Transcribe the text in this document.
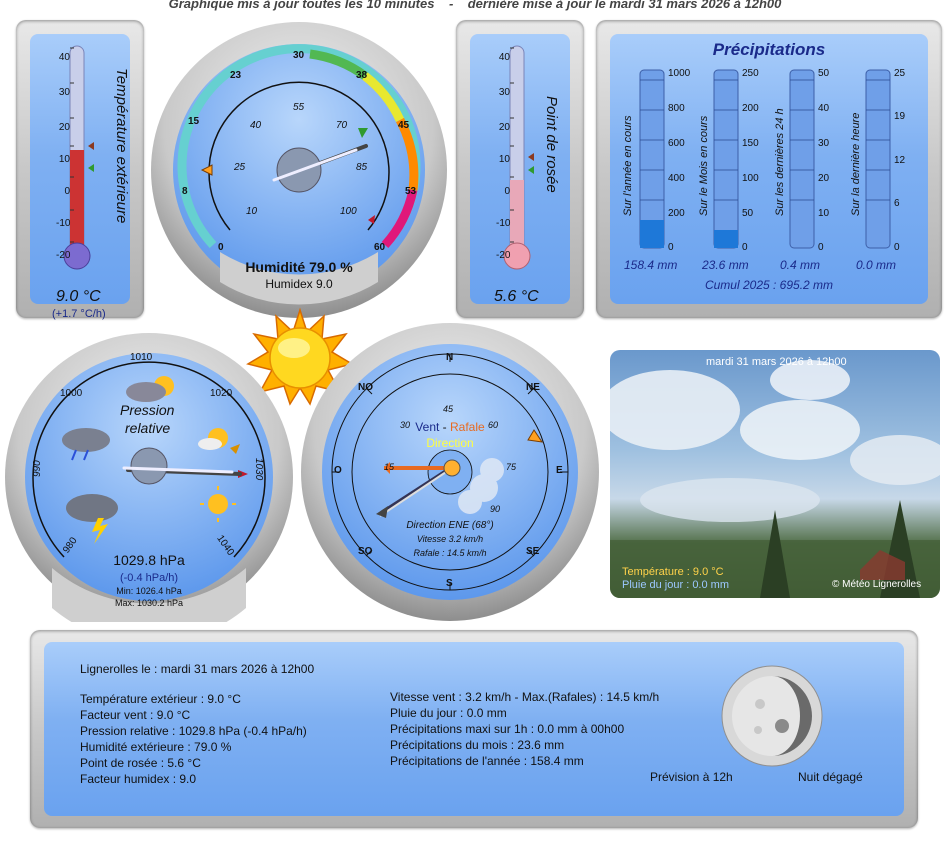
Graphique mis à jour toutes les 10 minutes - dernière mise à jour le mardi 31 mars 2026 à 12h00
40
30
20
10
0
-10
-20
Température extérieure
9.0 °C
(+1.7 °C/h)
0
8
15
23
30
38
45
53
60
10
25
40
55
70
85
100
Humidité 79.0 %
Humidex 9.0
40
30
20
10
0
-10
-20
Point de rosée
5.6 °C
Précipitations
Sur l'année en cours	Sur le Mois en cours	Sur les dernières 24 h	Sur la dernière heure
1000
800
600
400
200
0
250
200
150
100
50
0
50
40
30
20
10
0
25
19
12
6
0
158.4 mm 23.6 mm	0.4 mm	0.0 mm
Cumul 2025 : 695.2 mm
1010
1000	1020
990	1030
1040
980
Pression
relative
1029.8 hPa
(-0.4 hPa/h)
Min: 1026.4 hPa
Max: 1030.2 hPa
N
NE
E
SE
S
SO
O
NO
15
30
45
60
75
90
Vent - Rafale
Direction
Direction ENE (68°)
Vitesse 3.2 km/h
Rafale : 14.5 km/h
mardi 31 mars 2026 à 12h00
Température : 9.0 °C
Pluie du jour : 0.0 mm	© Météo Lignerolles
Lignerolles le : mardi 31 mars 2026 à 12h00
Température extérieur : 9.0 °C
Facteur vent : 9.0 °C
Pression relative : 1029.8 hPa (-0.4 hPa/h)
Humidité extérieure : 79.0 %
Point de rosée : 5.6 °C
Facteur humidex : 9.0
Vitesse vent : 3.2 km/h - Max.(Rafales) : 14.5 km/h
Pluie du jour : 0.0 mm
Précipitations maxi sur 1h : 0.0 mm à 00h00
Précipitations du mois : 23.6 mm
Précipitations de l'année : 158.4 mm
Prévision à 12h	Nuit dégagé
